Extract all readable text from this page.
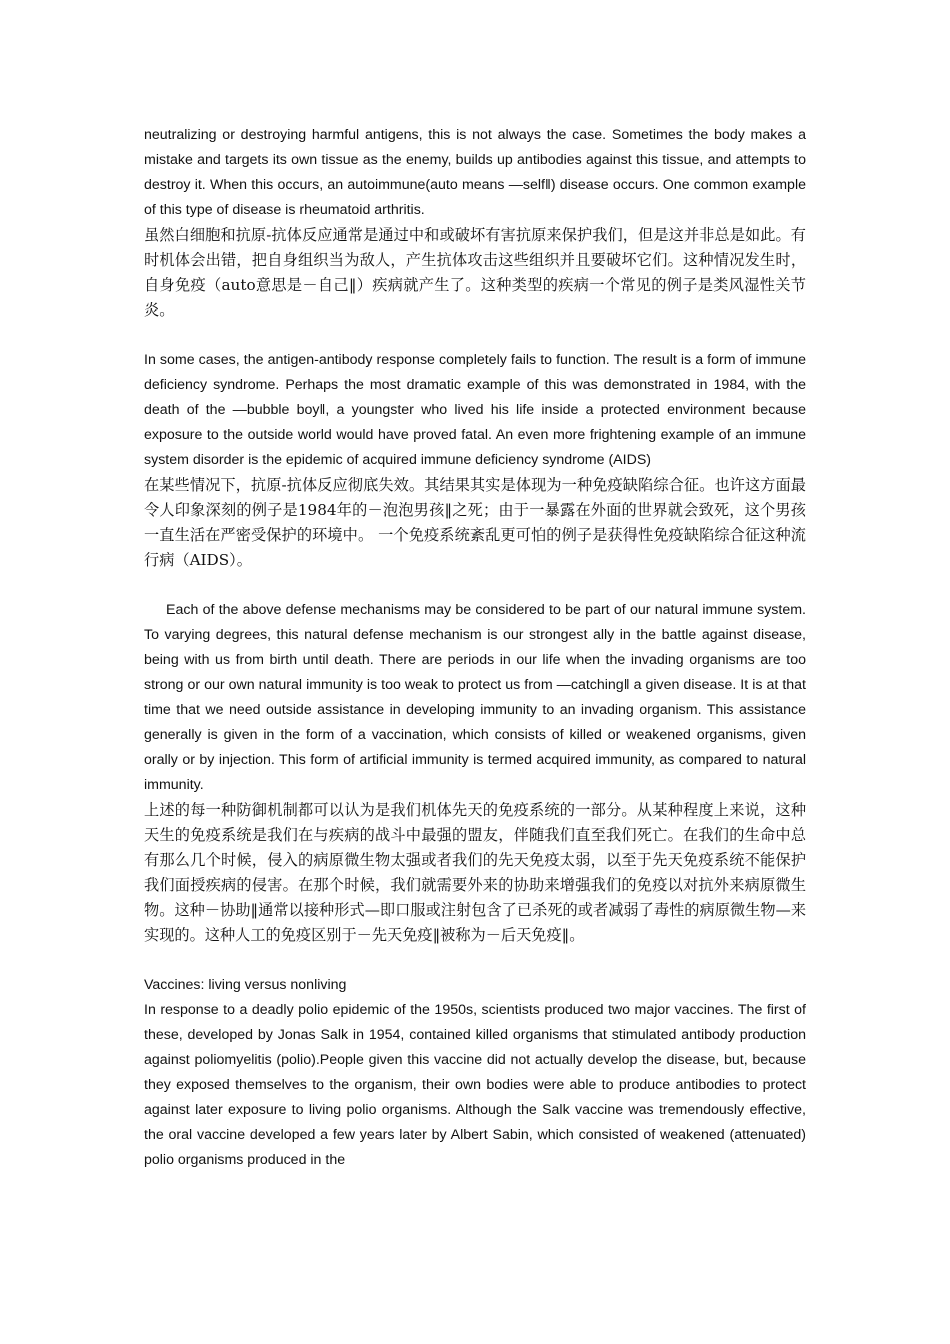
neutralizing or destroying harmful antigens, this is not always the case. Sometimes the body makes a mistake and targets its own tissue as the enemy, builds up antibodies against this tissue, and attempts to destroy it. When this occurs, an autoimmune(auto means —self‖) disease occurs. One common example of this type of disease is rheumatoid arthritis.

虽然白细胞和抗原-抗体反应通常是通过中和或破坏有害抗原来保护我们，但是这并非总是如此。有时机体会出错，把自身组织当为敌人，产生抗体攻击这些组织并且要破坏它们。这种情况发生时，自身免疫（auto意思是－自己‖）疾病就产生了。这种类型的疾病一个常见的例子是类风湿性关节炎。

In some cases, the antigen-antibody response completely fails to function. The result is a form of immune deficiency syndrome. Perhaps the most dramatic example of this was demonstrated in 1984, with the death of the —bubble boy‖, a youngster who lived his life inside a protected environment because exposure to the outside world would have proved fatal. An even more frightening example of an immune system disorder is the epidemic of acquired immune deficiency syndrome (AIDS)

在某些情况下，抗原-抗体反应彻底失效。其结果其实是体现为一种免疫缺陷综合征。也许这方面最令人印象深刻的例子是1984年的－泡泡男孩‖之死；由于一暴露在外面的世界就会致死，这个男孩一直生活在严密受保护的环境中。 一个免疫系统紊乱更可怕的例子是获得性免疫缺陷综合征这种流行病（AIDS）。

Each of the above defense mechanisms may be considered to be part of our natural immune system. To varying degrees, this natural defense mechanism is our strongest ally in the battle against disease, being with us from birth until death. There are periods in our life when the invading organisms are too strong or our own natural immunity is too weak to protect us from —catching‖ a given disease. It is at that time that we need outside assistance in developing immunity to an invading organism. This assistance generally is given in the form of a vaccination, which consists of killed or weakened organisms, given orally or by injection. This form of artificial immunity is termed acquired immunity, as compared to natural immunity.

上述的每一种防御机制都可以认为是我们机体先天的免疫系统的一部分。从某种程度上来说，这种天生的免疫系统是我们在与疾病的战斗中最强的盟友，伴随我们直至我们死亡。在我们的生命中总有那么几个时候，侵入的病原微生物太强或者我们的先天免疫太弱，以至于先天免疫系统不能保护我们面授疾病的侵害。在那个时候，我们就需要外来的协助来增强我们的免疫以对抗外来病原微生物。这种－协助‖通常以接种形式—即口服或注射包含了已杀死的或者减弱了毒性的病原微生物—来实现的。这种人工的免疫区别于－先天免疫‖被称为－后天免疫‖。

Vaccines: living versus nonliving

In response to a deadly polio epidemic of the 1950s, scientists produced two major vaccines. The first of these, developed by Jonas Salk in 1954, contained killed organisms that stimulated antibody production against poliomyelitis (polio).People given this vaccine did not actually develop the disease, but, because they exposed themselves to the organism, their own bodies were able to produce antibodies to protect against later exposure to living polio organisms. Although the Salk vaccine was tremendously effective, the oral vaccine developed a few years later by Albert Sabin, which consisted of weakened (attenuated) polio organisms produced in the
